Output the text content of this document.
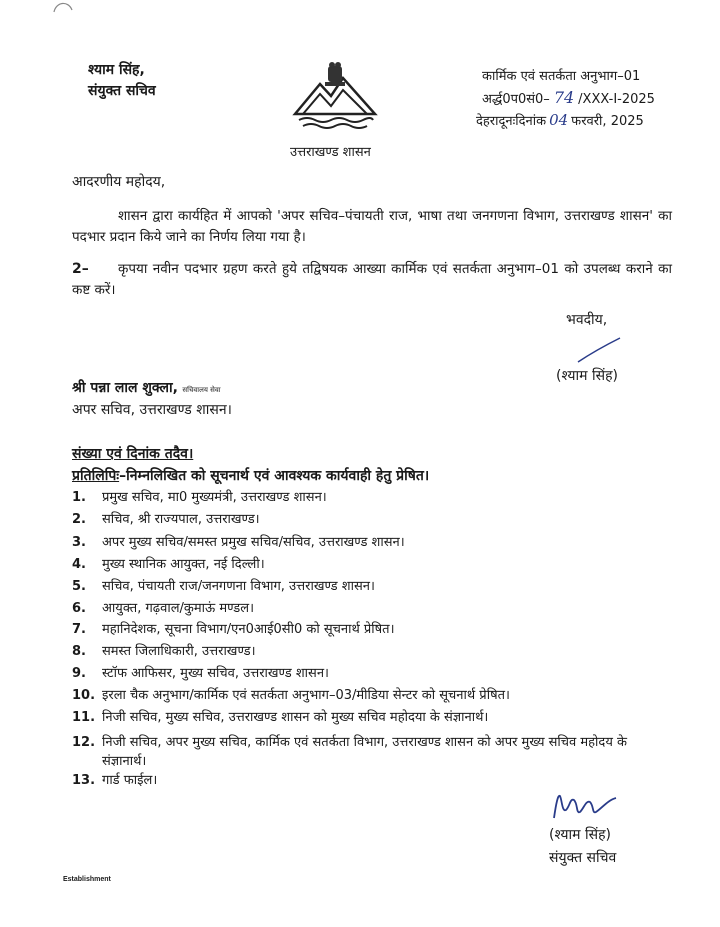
श्याम सिंह,
संयुक्त सचिव
उत्तराखण्ड शासन
कार्मिक एवं सतर्कता अनुभाग–01
अर्द्ध0प0सं0– 74 /XXX-I-2025
देहरादूनःदिनांक 04 फरवरी, 2025
आदरणीय महोदय,
शासन द्वारा कार्यहित में आपको 'अपर सचिव–पंचायती राज, भाषा तथा जनगणना विभाग, उत्तराखण्ड शासन' का पदभार प्रदान किये जाने का निर्णय लिया गया है।
2–	कृपया नवीन पदभार ग्रहण करते हुये तद्विषयक आख्या कार्मिक एवं सतर्कता अनुभाग–01 को उपलब्ध कराने का कष्ट करें।
भवदीय,
(श्याम सिंह)
श्री पन्ना लाल शुक्ला, सचिवालय सेवा
अपर सचिव, उत्तराखण्ड शासन।
संख्या एवं दिनांक तदैव।
प्रतिलिपिः–निम्नलिखित को सूचनार्थ एवं आवश्यक कार्यवाही हेतु प्रेषित।
1. प्रमुख सचिव, मा0 मुख्यमंत्री, उत्तराखण्ड शासन।
2. सचिव, श्री राज्यपाल, उत्तराखण्ड।
3. अपर मुख्य सचिव/समस्त प्रमुख सचिव/सचिव, उत्तराखण्ड शासन।
4. मुख्य स्थानिक आयुक्त, नई दिल्ली।
5. सचिव, पंचायती राज/जनगणना विभाग, उत्तराखण्ड शासन।
6. आयुक्त, गढ़वाल/कुमाऊं मण्डल।
7. महानिदेशक, सूचना विभाग/एन0आई0सी0 को सूचनार्थ प्रेषित।
8. समस्त जिलाधिकारी, उत्तराखण्ड।
9. स्टॉफ आफिसर, मुख्य सचिव, उत्तराखण्ड शासन।
10. इरला चैक अनुभाग/कार्मिक एवं सतर्कता अनुभाग–03/मीडिया सेन्टर को सूचनार्थ प्रेषित।
11. निजी सचिव, मुख्य सचिव, उत्तराखण्ड शासन को मुख्य सचिव महोदया के संज्ञानार्थ।
12. निजी सचिव, अपर मुख्य सचिव, कार्मिक एवं सतर्कता विभाग, उत्तराखण्ड शासन को अपर मुख्य सचिव महोदय के संज्ञानार्थ।
13. गार्ड फाईल।
(श्याम सिंह)
संयुक्त सचिव
Establishment
